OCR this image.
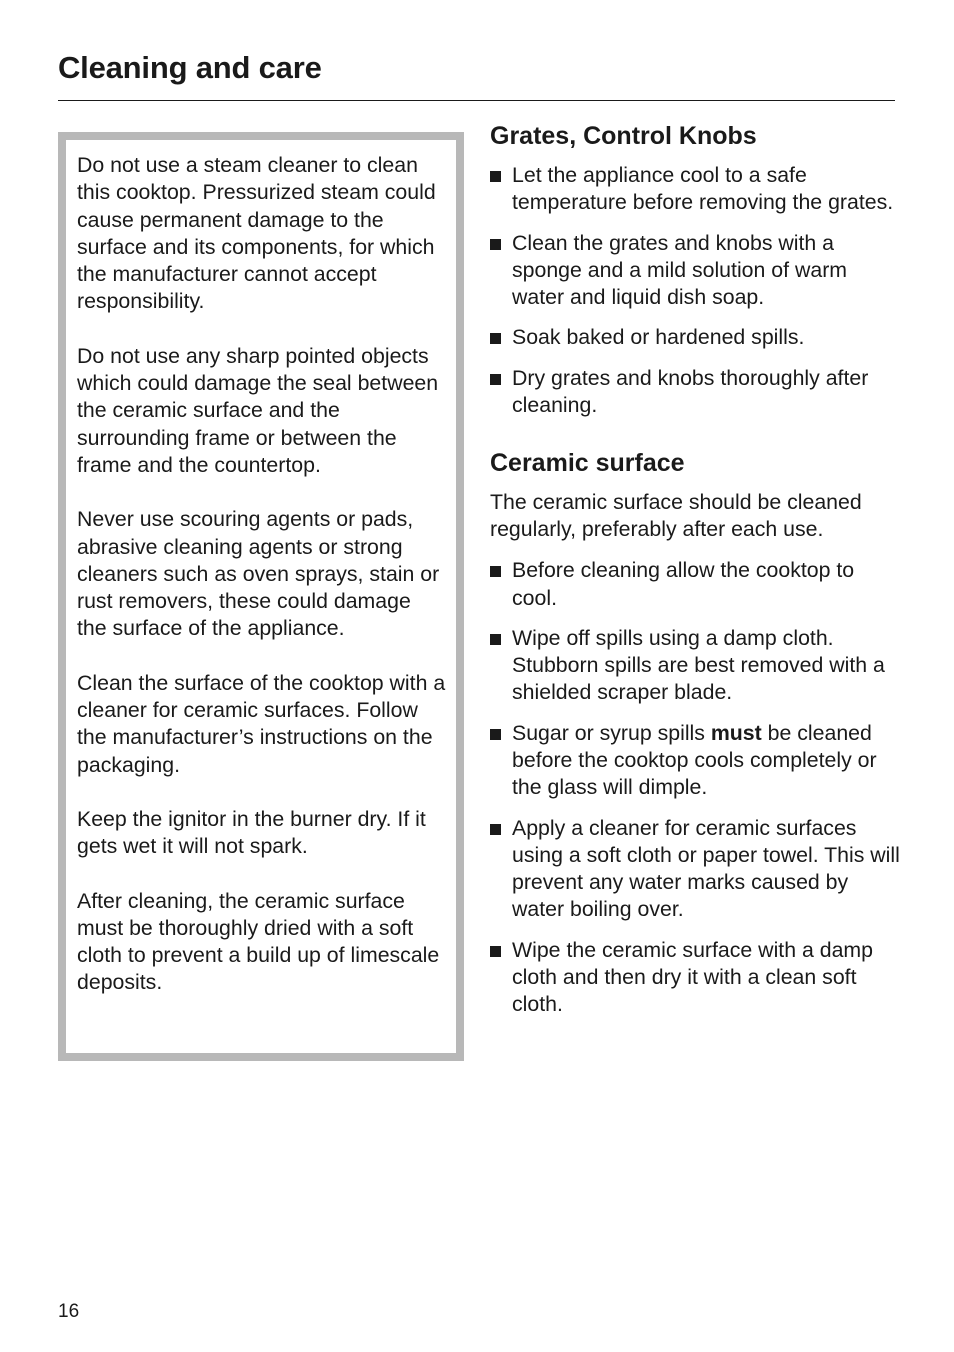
Cleaning and care

Do not use a steam cleaner to clean this cooktop. Pressurized steam could cause permanent damage to the surface and its components, for which the manufacturer cannot accept responsibility.

Do not use any sharp pointed objects which could damage the seal between the ceramic surface and the surrounding frame or between the frame and the countertop.

Never use scouring agents or pads, abrasive cleaning agents or strong cleaners such as oven sprays, stain or rust removers, these could damage the surface of the appliance.

Clean the surface of the cooktop with a cleaner for ceramic surfaces. Follow the manufacturer’s instructions on the packaging.

Keep the ignitor in the burner dry. If it gets wet it will not spark.

After cleaning, the ceramic surface must be thoroughly dried with a soft cloth to prevent a build up of limescale deposits.

Grates, Control Knobs
Let the appliance cool to a safe temperature before removing the grates.
Clean the grates and knobs with a sponge and a mild solution of warm water and liquid dish soap.
Soak baked or hardened spills.
Dry grates and knobs thoroughly after cleaning.
Ceramic surface

The ceramic surface should be cleaned regularly, preferably after each use.

Before cleaning allow the cooktop to cool.
Wipe off spills using a damp cloth. Stubborn spills are best removed with a shielded scraper blade.
Sugar or syrup spills must be cleaned before the cooktop cools completely or the glass will dimple.
Apply a cleaner for ceramic surfaces using a soft cloth or paper towel. This will prevent any water marks caused by water boiling over.
Wipe the ceramic surface with a damp cloth and then dry it with a clean soft cloth.
16
